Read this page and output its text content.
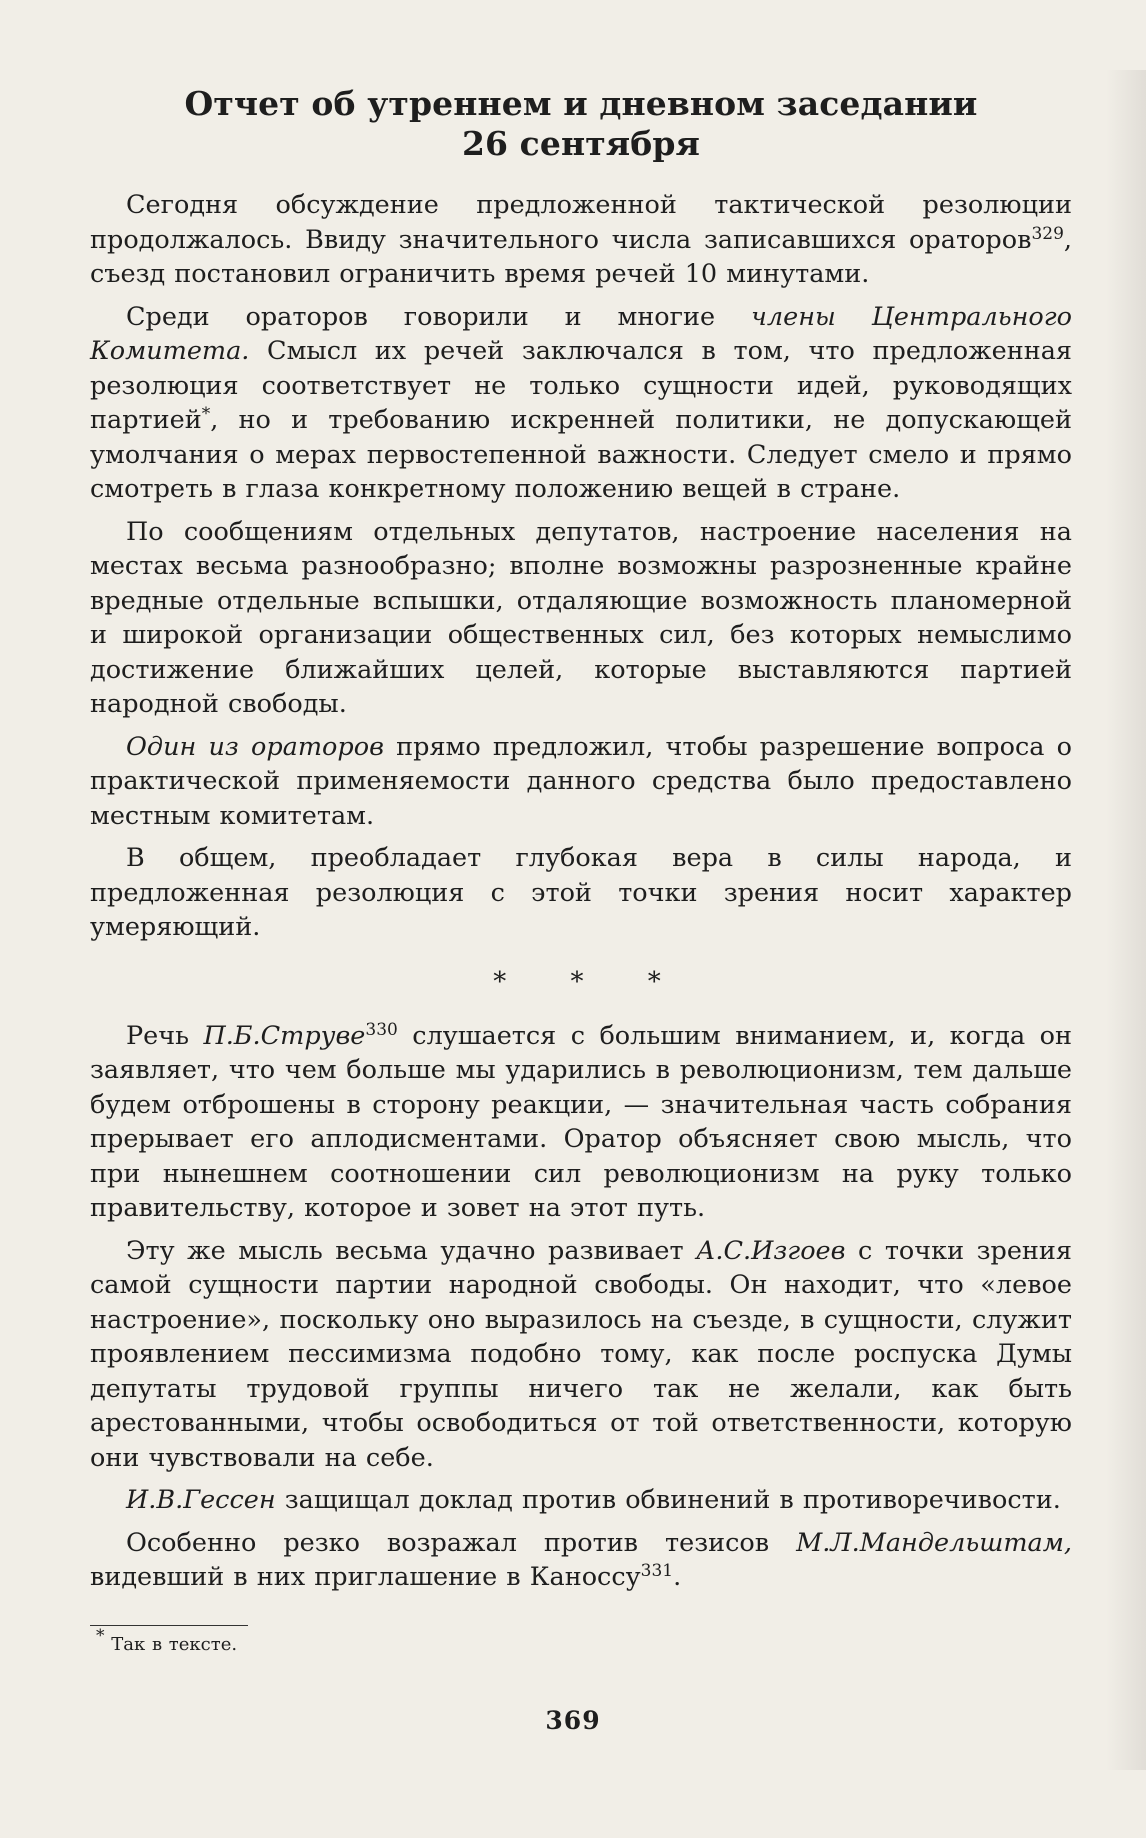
Отчет об утреннем и дневном заседании
26 сентября

Сегодня обсуждение предложенной тактической резолюции продолжалось. Ввиду значительного числа записавшихся ораторов$^{329}$, съезд постановил ограничить время речей 10 минутами.

Среди ораторов говорили и многие члены Центрального Комитета. Смысл их речей заключался в том, что предложенная резолюция соответствует не только сущности идей, руководящих партией*, но и требованию искренней политики, не допускающей умолчания о мерах первостепенной важности. Следует смело и прямо смотреть в глаза конкретному положению вещей в стране.

По сообщениям отдельных депутатов, настроение населения на местах весьма разнообразно; вполне возможны разрозненные крайне вредные отдельные вспышки, отдаляющие возможность планомерной и широкой организации общественных сил, без которых немыслимо достижение ближайших целей, которые выставляются партией народной свободы.

Один из ораторов прямо предложил, чтобы разрешение вопроса о практической применяемости данного средства было предоставлено местным комитетам.

В общем, преобладает глубокая вера в силы народа, и предложенная резолюция с этой точки зрения носит характер умеряющий.

* * *

Речь П.Б.Струве$^{330}$ слушается с большим вниманием, и, когда он заявляет, что чем больше мы ударились в революционизм, тем дальше будем отброшены в сторону реакции, — значительная часть собрания прерывает его аплодисментами. Оратор объясняет свою мысль, что при нынешнем соотношении сил революционизм на руку только правительству, которое и зовет на этот путь.

Эту же мысль весьма удачно развивает А.С.Изгоев с точки зрения самой сущности партии народной свободы. Он находит, что «левое настроение», поскольку оно выразилось на съезде, в сущности, служит проявлением пессимизма подобно тому, как после роспуска Думы депутаты трудовой группы ничего так не желали, как быть арестованными, чтобы освободиться от той ответственности, которую они чувствовали на себе.

И.В.Гессен защищал доклад против обвинений в противоречивости.

Особенно резко возражал против тезисов М.Л.Мандельштам, видевший в них приглашение в Каноссу$^{331}$.

* Так в тексте.

369
